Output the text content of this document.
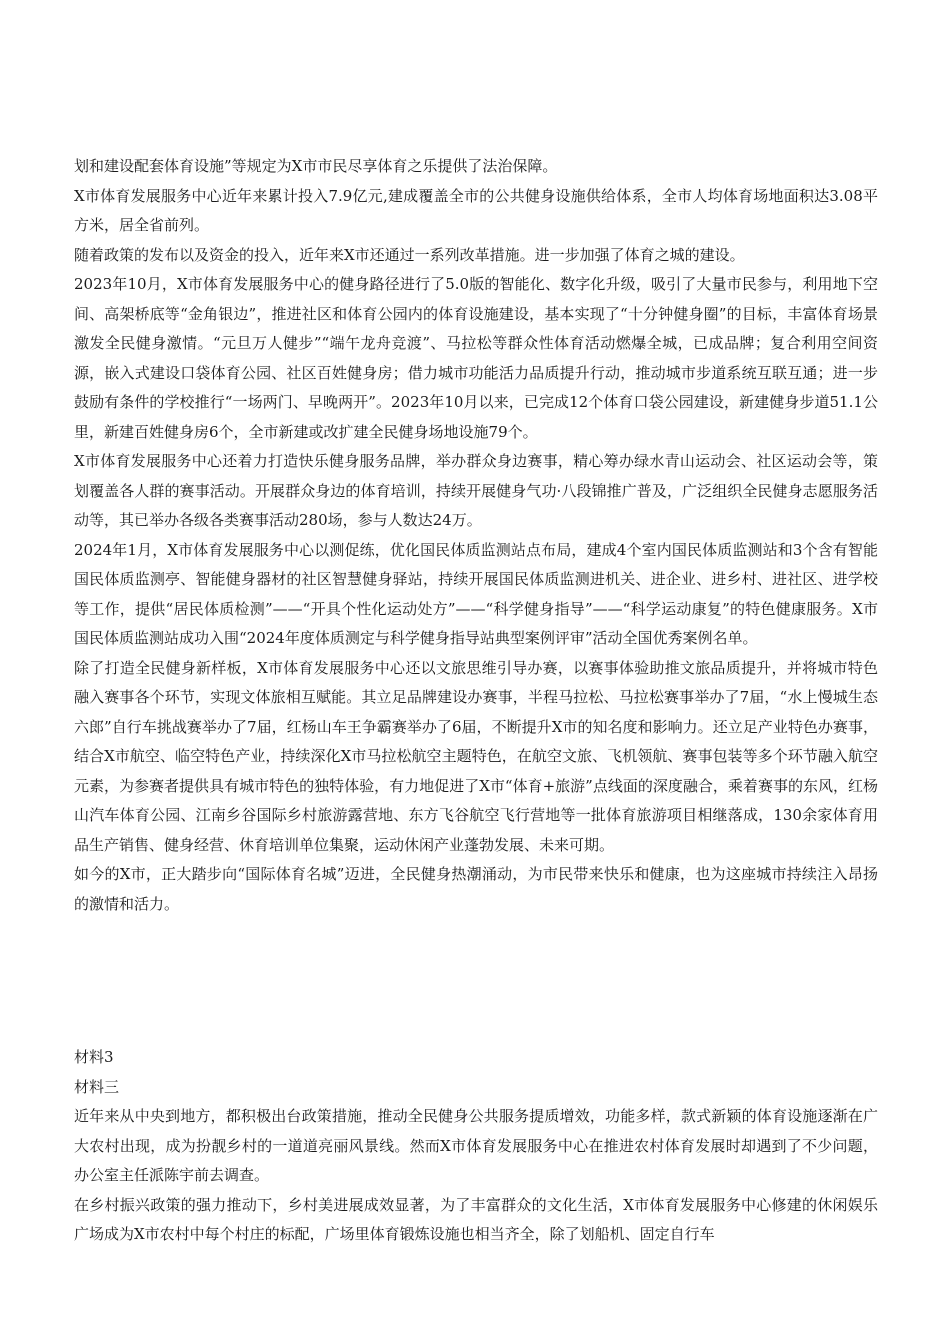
划和建设配套体育设施”等规定为X市市民尽享体育之乐提供了法治保障。

X市体育发展服务中心近年来累计投入7.9亿元,建成覆盖全市的公共健身设施供给体系，全市人均体育场地面积达3.08平方米，居全省前列。

随着政策的发布以及资金的投入，近年来X市还通过一系列改革措施。进一步加强了体育之城的建设。

2023年10月，X市体育发展服务中心的健身路径进行了5.0版的智能化、数字化升级，吸引了大量市民参与，利用地下空间、高架桥底等“金角银边”，推进社区和体育公园内的体育设施建设，基本实现了“十分钟健身圈”的目标，丰富体育场景激发全民健身激情。“元旦万人健步”“端午龙舟竞渡”、马拉松等群众性体育活动燃爆全城，已成品牌；复合利用空间资源，嵌入式建设口袋体育公园、社区百姓健身房；借力城市功能活力品质提升行动，推动城市步道系统互联互通；进一步鼓励有条件的学校推行“一场两门、早晚两开”。2023年10月以来，已完成12个体育口袋公园建设，新建健身步道51.1公里，新建百姓健身房6个，全市新建或改扩建全民健身场地设施79个。

X市体育发展服务中心还着力打造快乐健身服务品牌，举办群众身边赛事，精心筹办绿水青山运动会、社区运动会等，策划覆盖各人群的赛事活动。开展群众身边的体育培训，持续开展健身气功·八段锦推广普及，广泛组织全民健身志愿服务活动等，其已举办各级各类赛事活动280场，参与人数达24万。

2024年1月，X市体育发展服务中心以测促练，优化国民体质监测站点布局，建成4个室内国民体质监测站和3个含有智能国民体质监测亭、智能健身器材的社区智慧健身驿站，持续开展国民体质监测进机关、进企业、进乡村、进社区、进学校等工作，提供“居民体质检测”——“开具个性化运动处方”——“科学健身指导”——“科学运动康复”的特色健康服务。X市国民体质监测站成功入围“2024年度体质测定与科学健身指导站典型案例评审”活动全国优秀案例名单。

除了打造全民健身新样板，X市体育发展服务中心还以文旅思维引导办赛，以赛事体验助推文旅品质提升，并将城市特色融入赛事各个环节，实现文体旅相互赋能。其立足品牌建设办赛事，半程马拉松、马拉松赛事举办了7届，“水上慢城生态六郎”自行车挑战赛举办了7届，红杨山车王争霸赛举办了6届，不断提升X市的知名度和影响力。还立足产业特色办赛事，结合X市航空、临空特色产业，持续深化X市马拉松航空主题特色，在航空文旅、飞机领航、赛事包装等多个环节融入航空元素，为参赛者提供具有城市特色的独特体验，有力地促进了X市“体育+旅游”点线面的深度融合，乘着赛事的东风，红杨山汽车体育公园、江南乡谷国际乡村旅游露营地、东方飞谷航空飞行营地等一批体育旅游项目相继落成，130余家体育用品生产销售、健身经营、休育培训单位集聚，运动休闲产业蓬勃发展、未来可期。

如今的X市，正大踏步向“国际体育名城”迈进，全民健身热潮涌动，为市民带来快乐和健康，也为这座城市持续注入昂扬的激情和活力。

材料3

材料三

近年来从中央到地方，都积极出台政策措施，推动全民健身公共服务提质增效，功能多样，款式新颖的体育设施逐渐在广大农村出现，成为扮靓乡村的一道道亮丽风景线。然而X市体育发展服务中心在推进农村体育发展时却遇到了不少问题，办公室主任派陈宇前去调查。

在乡村振兴政策的强力推动下，乡村美进展成效显著，为了丰富群众的文化生活，X市体育发展服务中心修建的休闲娱乐广场成为X市农村中每个村庄的标配，广场里体育锻炼设施也相当齐全，除了划船机、固定自行车
